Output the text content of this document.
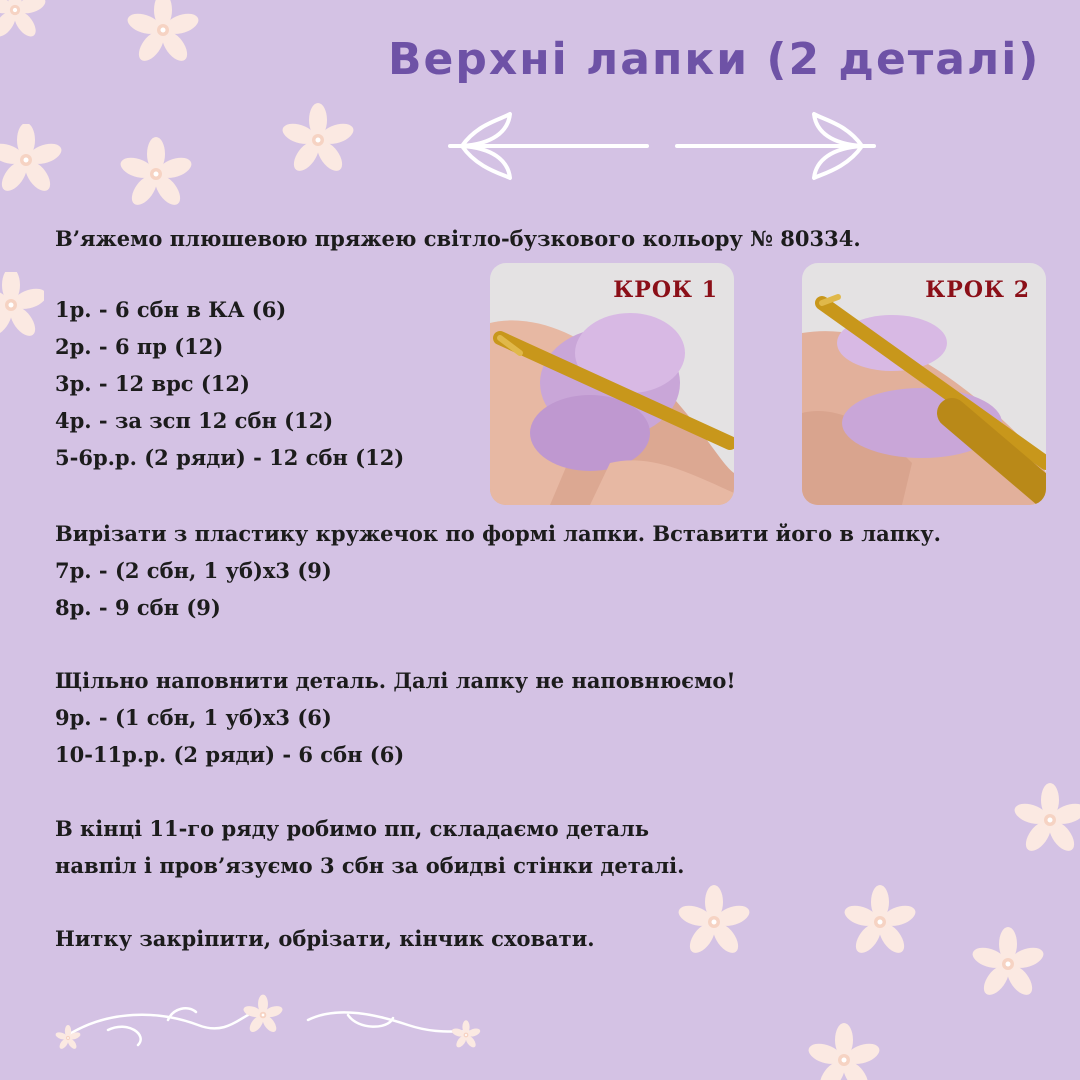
Верхні лапки (2 деталі)
В’яжемо плюшевою пряжею світло-бузкового кольору № 80334.
1р. - 6 сбн в КА (6)
2р. - 6 пр (12)
3р. - 12 врс (12)
4р. - за зсп 12 сбн (12)
5-6р.р. (2 ряди) - 12 сбн (12)
КРОК 1	КРОК 2
Вирізати з пластику кружечок по формі лапки. Вставити його в лапку.
7р. - (2 сбн, 1 уб)х3 (9)
8р. - 9 сбн (9)
Щільно наповнити деталь. Далі лапку не наповнюємо!
9р. - (1 сбн, 1 уб)х3 (6)
10-11р.р. (2 ряди) - 6 сбн (6)
В кінці 11-го ряду робимо пп, складаємо деталь
навпіл і пров’язуємо 3 сбн за обидві стінки деталі.
Нитку закріпити, обрізати, кінчик сховати.
